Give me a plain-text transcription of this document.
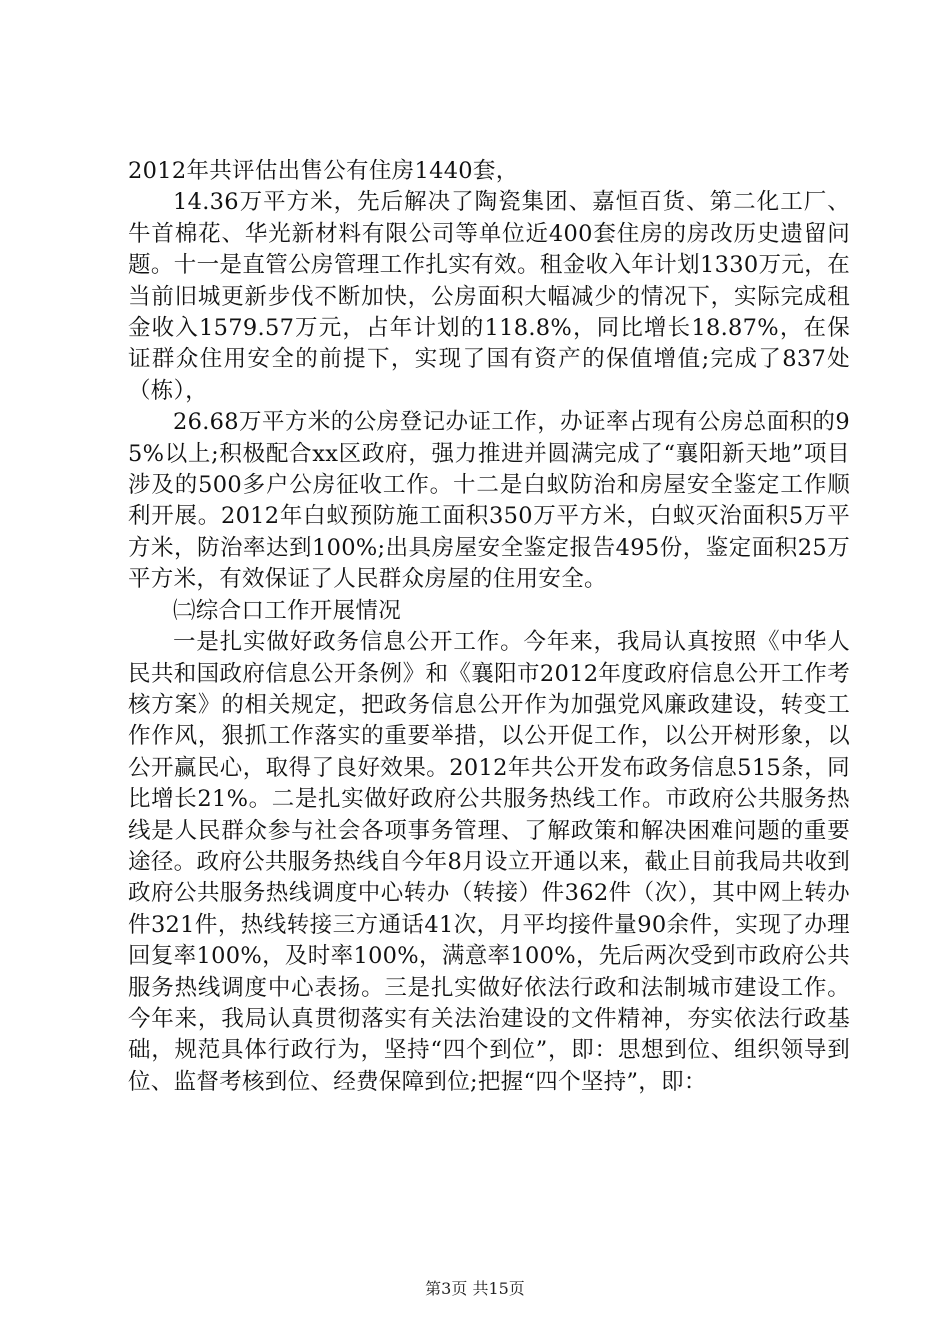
2012年共评估出售公有住房1440套，

14.36万平方米，先后解决了陶瓷集团、嘉恒百货、第二化工厂、牛首棉花、华光新材料有限公司等单位近400套住房的房改历史遗留问题。十一是直管公房管理工作扎实有效。租金收入年计划1330万元，在当前旧城更新步伐不断加快，公房面积大幅减少的情况下，实际完成租金收入1579.57万元，占年计划的118.8%，同比增长18.87%，在保证群众住用安全的前提下，实现了国有资产的保值增值;完成了837处（栋），

26.68万平方米的公房登记办证工作，办证率占现有公房总面积的95%以上;积极配合xx区政府，强力推进并圆满完成了“襄阳新天地”项目涉及的500多户公房征收工作。十二是白蚁防治和房屋安全鉴定工作顺利开展。2012年白蚁预防施工面积350万平方米，白蚁灭治面积5万平方米，防治率达到100%;出具房屋安全鉴定报告495份，鉴定面积25万平方米，有效保证了人民群众房屋的住用安全。

㈡综合口工作开展情况

一是扎实做好政务信息公开工作。今年来，我局认真按照《中华人民共和国政府信息公开条例》和《襄阳市2012年度政府信息公开工作考核方案》的相关规定，把政务信息公开作为加强党风廉政建设，转变工作作风，狠抓工作落实的重要举措，以公开促工作，以公开树形象，以公开赢民心，取得了良好效果。2012年共公开发布政务信息515条，同比增长21%。二是扎实做好政府公共服务热线工作。市政府公共服务热线是人民群众参与社会各项事务管理、了解政策和解决困难问题的重要途径。政府公共服务热线自今年8月设立开通以来，截止目前我局共收到政府公共服务热线调度中心转办（转接）件362件（次），其中网上转办件321件，热线转接三方通话41次，月平均接件量90余件，实现了办理回复率100%，及时率100%，满意率100%，先后两次受到市政府公共服务热线调度中心表扬。三是扎实做好依法行政和法制城市建设工作。今年来，我局认真贯彻落实有关法治建设的文件精神，夯实依法行政基础，规范具体行政行为，坚持“四个到位”，即：思想到位、组织领导到位、监督考核到位、经费保障到位;把握“四个坚持”，即：

第3页 共15页
